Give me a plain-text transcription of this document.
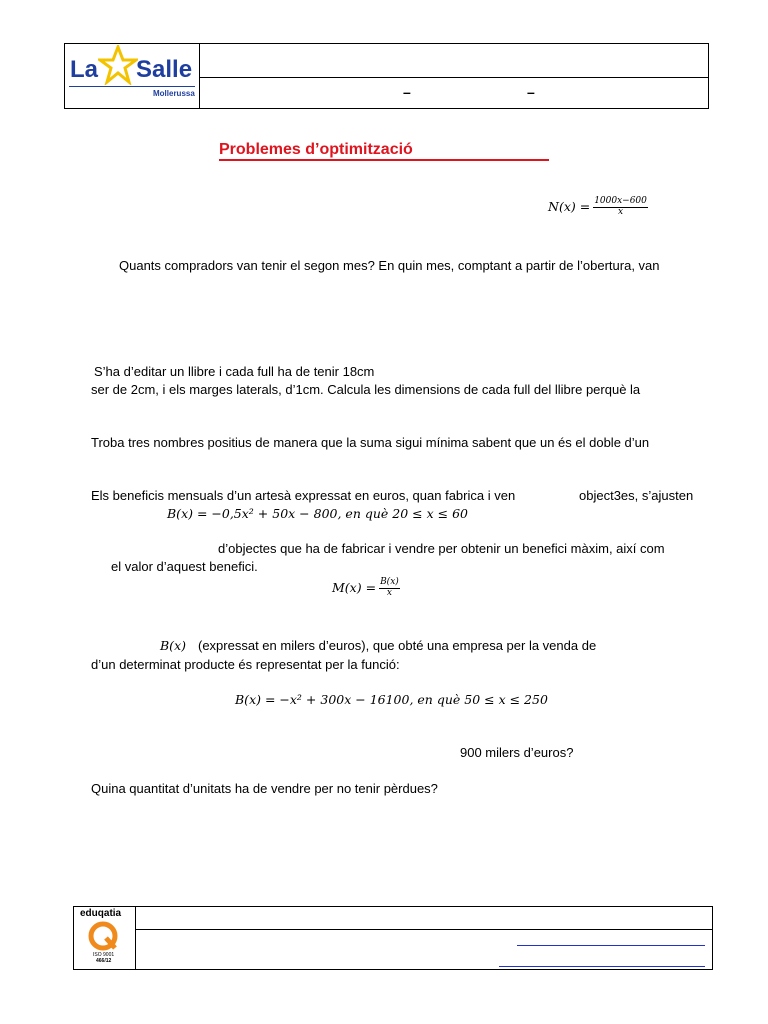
La Salle
Mollerussa	–	–
Problemes d’optimització
$N(x) = \frac{1000x-600}{x}$
Quants compradors van tenir el segon mes? En quin mes, comptant a partir de l’obertura, van
S’ha d’editar un llibre i cada full ha de tenir 18cm
ser de 2cm, i els marges laterals, d’1cm. Calcula les dimensions de cada full del llibre perquè la
Troba tres nombres positius de manera que la suma sigui mínima sabent que un és el doble d’un
Els beneficis mensuals d’un artesà expressat en euros, quan fabrica i ven	object3es, s’ajusten
B(x) = −0,5x² + 50x − 800, en què 20 ≤ x ≤ 60
d’objectes que ha de fabricar i vendre per obtenir un benefici màxim, així com
el valor d’aquest benefici.
$M(x) = \frac{B(x)}{x}$
B(x) (expressat en milers d’euros), que obté una empresa per la venda de
d’un determinat producte és representat per la funció:
B(x) = −x² + 300x − 16100, en què 50 ≤ x ≤ 250
900 milers d’euros?
Quina quantitat d’unitats ha de vendre per no tenir pèrdues?
eduqatia
ISO 9001
466/12
